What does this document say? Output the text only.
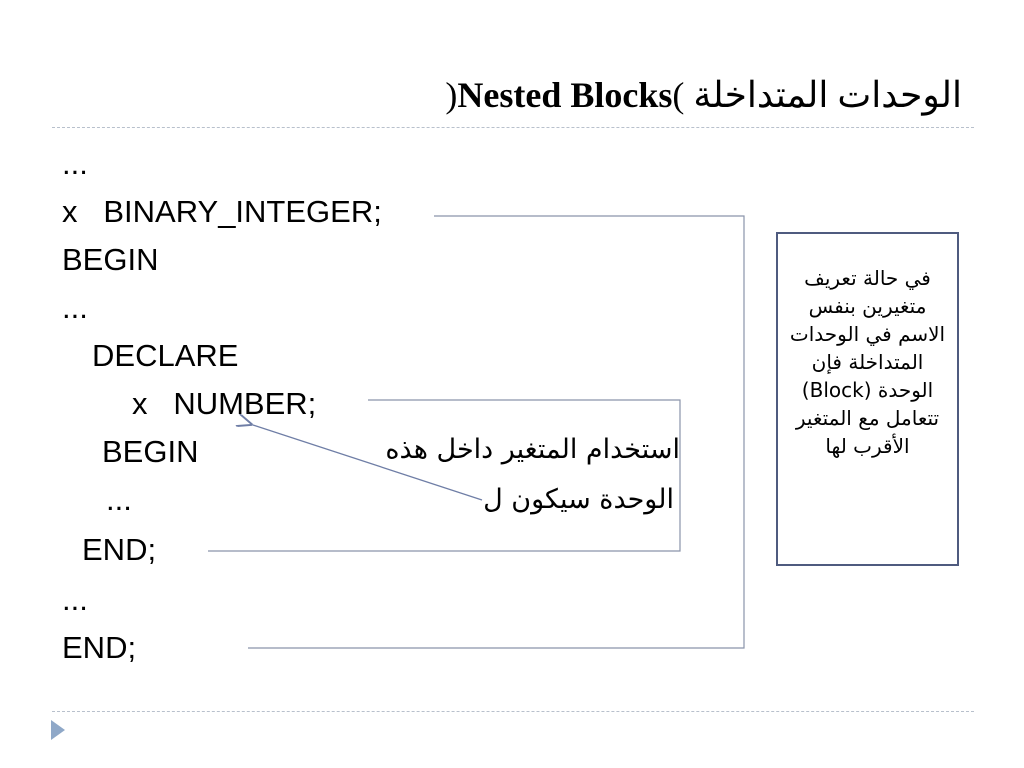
الوحدات المتداخلة )Nested Blocks(
...
x   BINARY_INTEGER;
BEGIN
...
DECLARE
x   NUMBER;
BEGIN
...
END;
...
END;
استخدام المتغير داخل هذه
الوحدة سيكون ل
في حالة تعريف
متغيرين بنفس
الاسم في الوحدات
المتداخلة فإن
الوحدة (Block)
تتعامل مع المتغير
الأقرب لها
